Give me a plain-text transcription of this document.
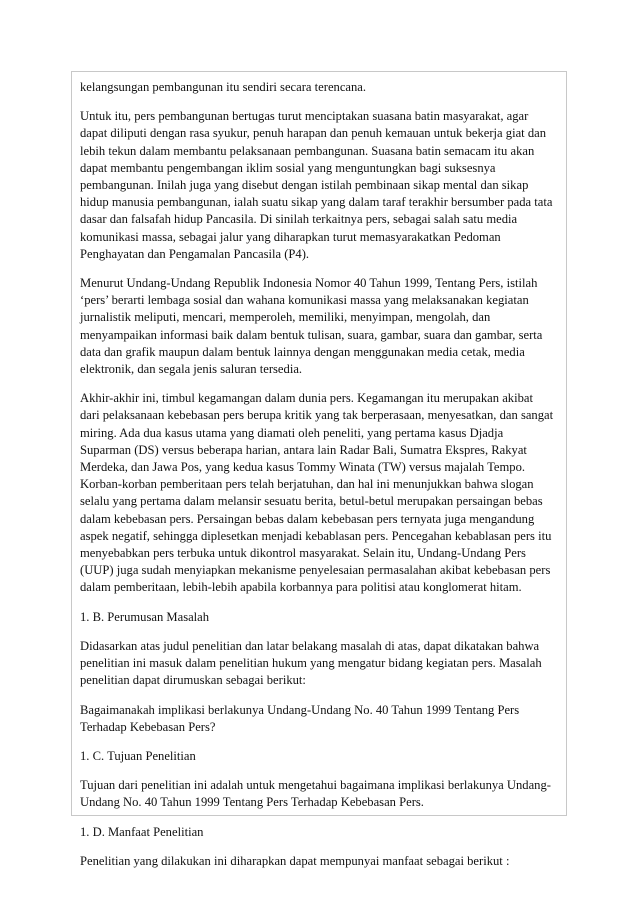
kelangsungan pembangunan itu sendiri secara terencana.

Untuk itu, pers pembangunan bertugas turut menciptakan suasana batin masyarakat, agar
dapat diliputi dengan rasa syukur, penuh harapan dan penuh kemauan untuk bekerja giat dan
lebih tekun dalam membantu pelaksanaan pembangunan. Suasana batin semacam itu akan
dapat membantu pengembangan iklim sosial yang menguntungkan bagi suksesnya
pembangunan. Inilah juga yang disebut dengan istilah pembinaan sikap mental dan sikap
hidup manusia pembangunan, ialah suatu sikap yang dalam taraf terakhir bersumber pada tata
dasar dan falsafah hidup Pancasila. Di sinilah terkaitnya pers, sebagai salah satu media
komunikasi massa, sebagai jalur yang diharapkan turut memasyarakatkan Pedoman
Penghayatan dan Pengamalan Pancasila (P4).

Menurut Undang-Undang Republik Indonesia Nomor 40 Tahun 1999, Tentang Pers, istilah
‘pers’ berarti lembaga sosial dan wahana komunikasi massa yang melaksanakan kegiatan
jurnalistik meliputi, mencari, memperoleh, memiliki, menyimpan, mengolah, dan
menyampaikan informasi baik dalam bentuk tulisan, suara, gambar, suara dan gambar, serta
data dan grafik maupun dalam bentuk lainnya dengan menggunakan media cetak, media
elektronik, dan segala jenis saluran tersedia.

Akhir-akhir ini, timbul kegamangan dalam dunia pers. Kegamangan itu merupakan akibat
dari pelaksanaan kebebasan pers berupa kritik yang tak berperasaan, menyesatkan, dan sangat
miring. Ada dua kasus utama yang diamati oleh peneliti, yang pertama kasus Djadja
Suparman (DS) versus beberapa harian, antara lain Radar Bali, Sumatra Ekspres, Rakyat
Merdeka, dan Jawa Pos, yang kedua kasus Tommy Winata (TW) versus majalah Tempo.
Korban-korban pemberitaan pers telah berjatuhan, dan hal ini menunjukkan bahwa slogan
selalu yang pertama dalam melansir sesuatu berita, betul-betul merupakan persaingan bebas
dalam kebebasan pers. Persaingan bebas dalam kebebasan pers ternyata juga mengandung
aspek negatif, sehingga diplesetkan menjadi kebablasan pers. Pencegahan kebablasan pers itu
menyebabkan pers terbuka untuk dikontrol masyarakat. Selain itu, Undang-Undang Pers
(UUP) juga sudah menyiapkan mekanisme penyelesaian permasalahan akibat kebebasan pers
dalam pemberitaan, lebih-lebih apabila korbannya para politisi atau konglomerat hitam.

1. B. Perumusan Masalah

Didasarkan atas judul penelitian dan latar belakang masalah di atas, dapat dikatakan bahwa
penelitian ini masuk dalam penelitian hukum yang mengatur bidang kegiatan pers. Masalah
penelitian dapat dirumuskan sebagai berikut:

Bagaimanakah implikasi berlakunya Undang-Undang No. 40 Tahun 1999 Tentang Pers
Terhadap Kebebasan Pers?

1. C. Tujuan Penelitian

Tujuan dari penelitian ini adalah untuk mengetahui bagaimana implikasi berlakunya Undang-
Undang No. 40 Tahun 1999 Tentang Pers Terhadap Kebebasan Pers.

1. D. Manfaat Penelitian

Penelitian yang dilakukan ini diharapkan dapat mempunyai manfaat sebagai berikut :
